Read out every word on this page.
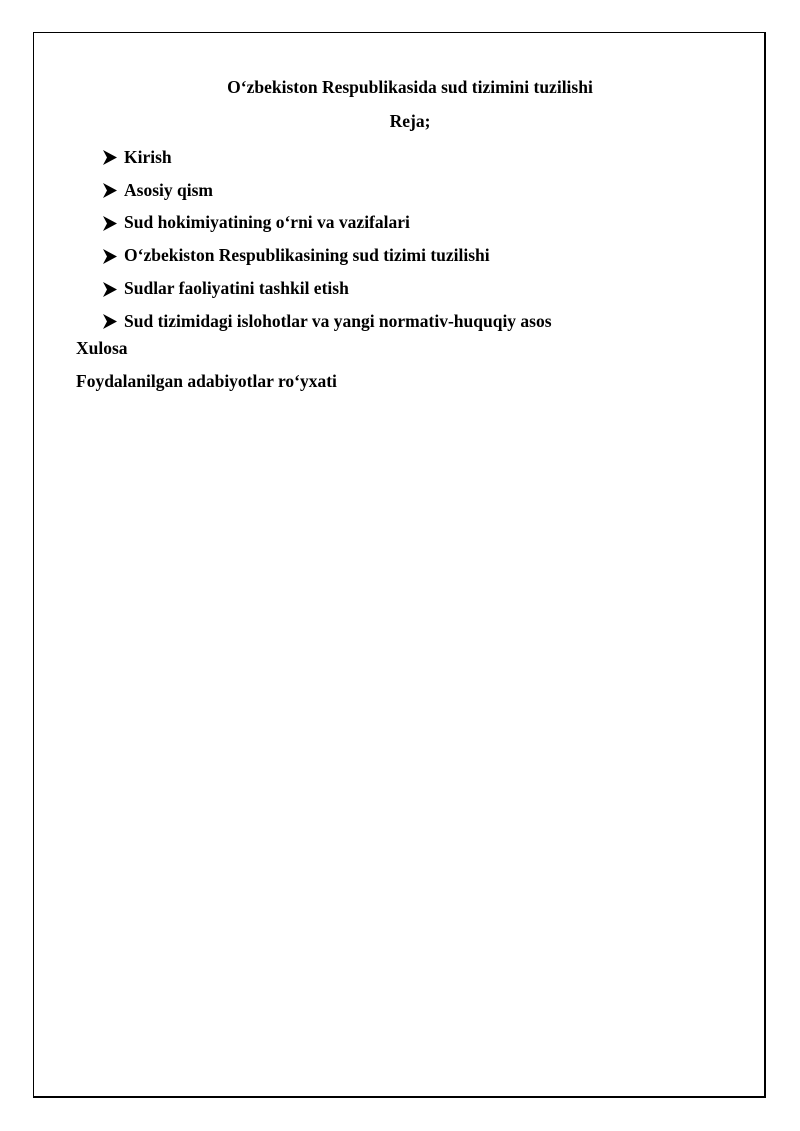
O‘zbekiston Respublikasida sud tizimini tuzilishi
Reja;
Kirish
Asosiy qism
Sud hokimiyatining o‘rni va vazifalari
O‘zbekiston Respublikasining sud tizimi tuzilishi
Sudlar faoliyatini tashkil etish
Sud tizimidagi islohotlar va yangi normativ-huquqiy asos

Xulosa

Foydalanilgan adabiyotlar ro‘yxati
